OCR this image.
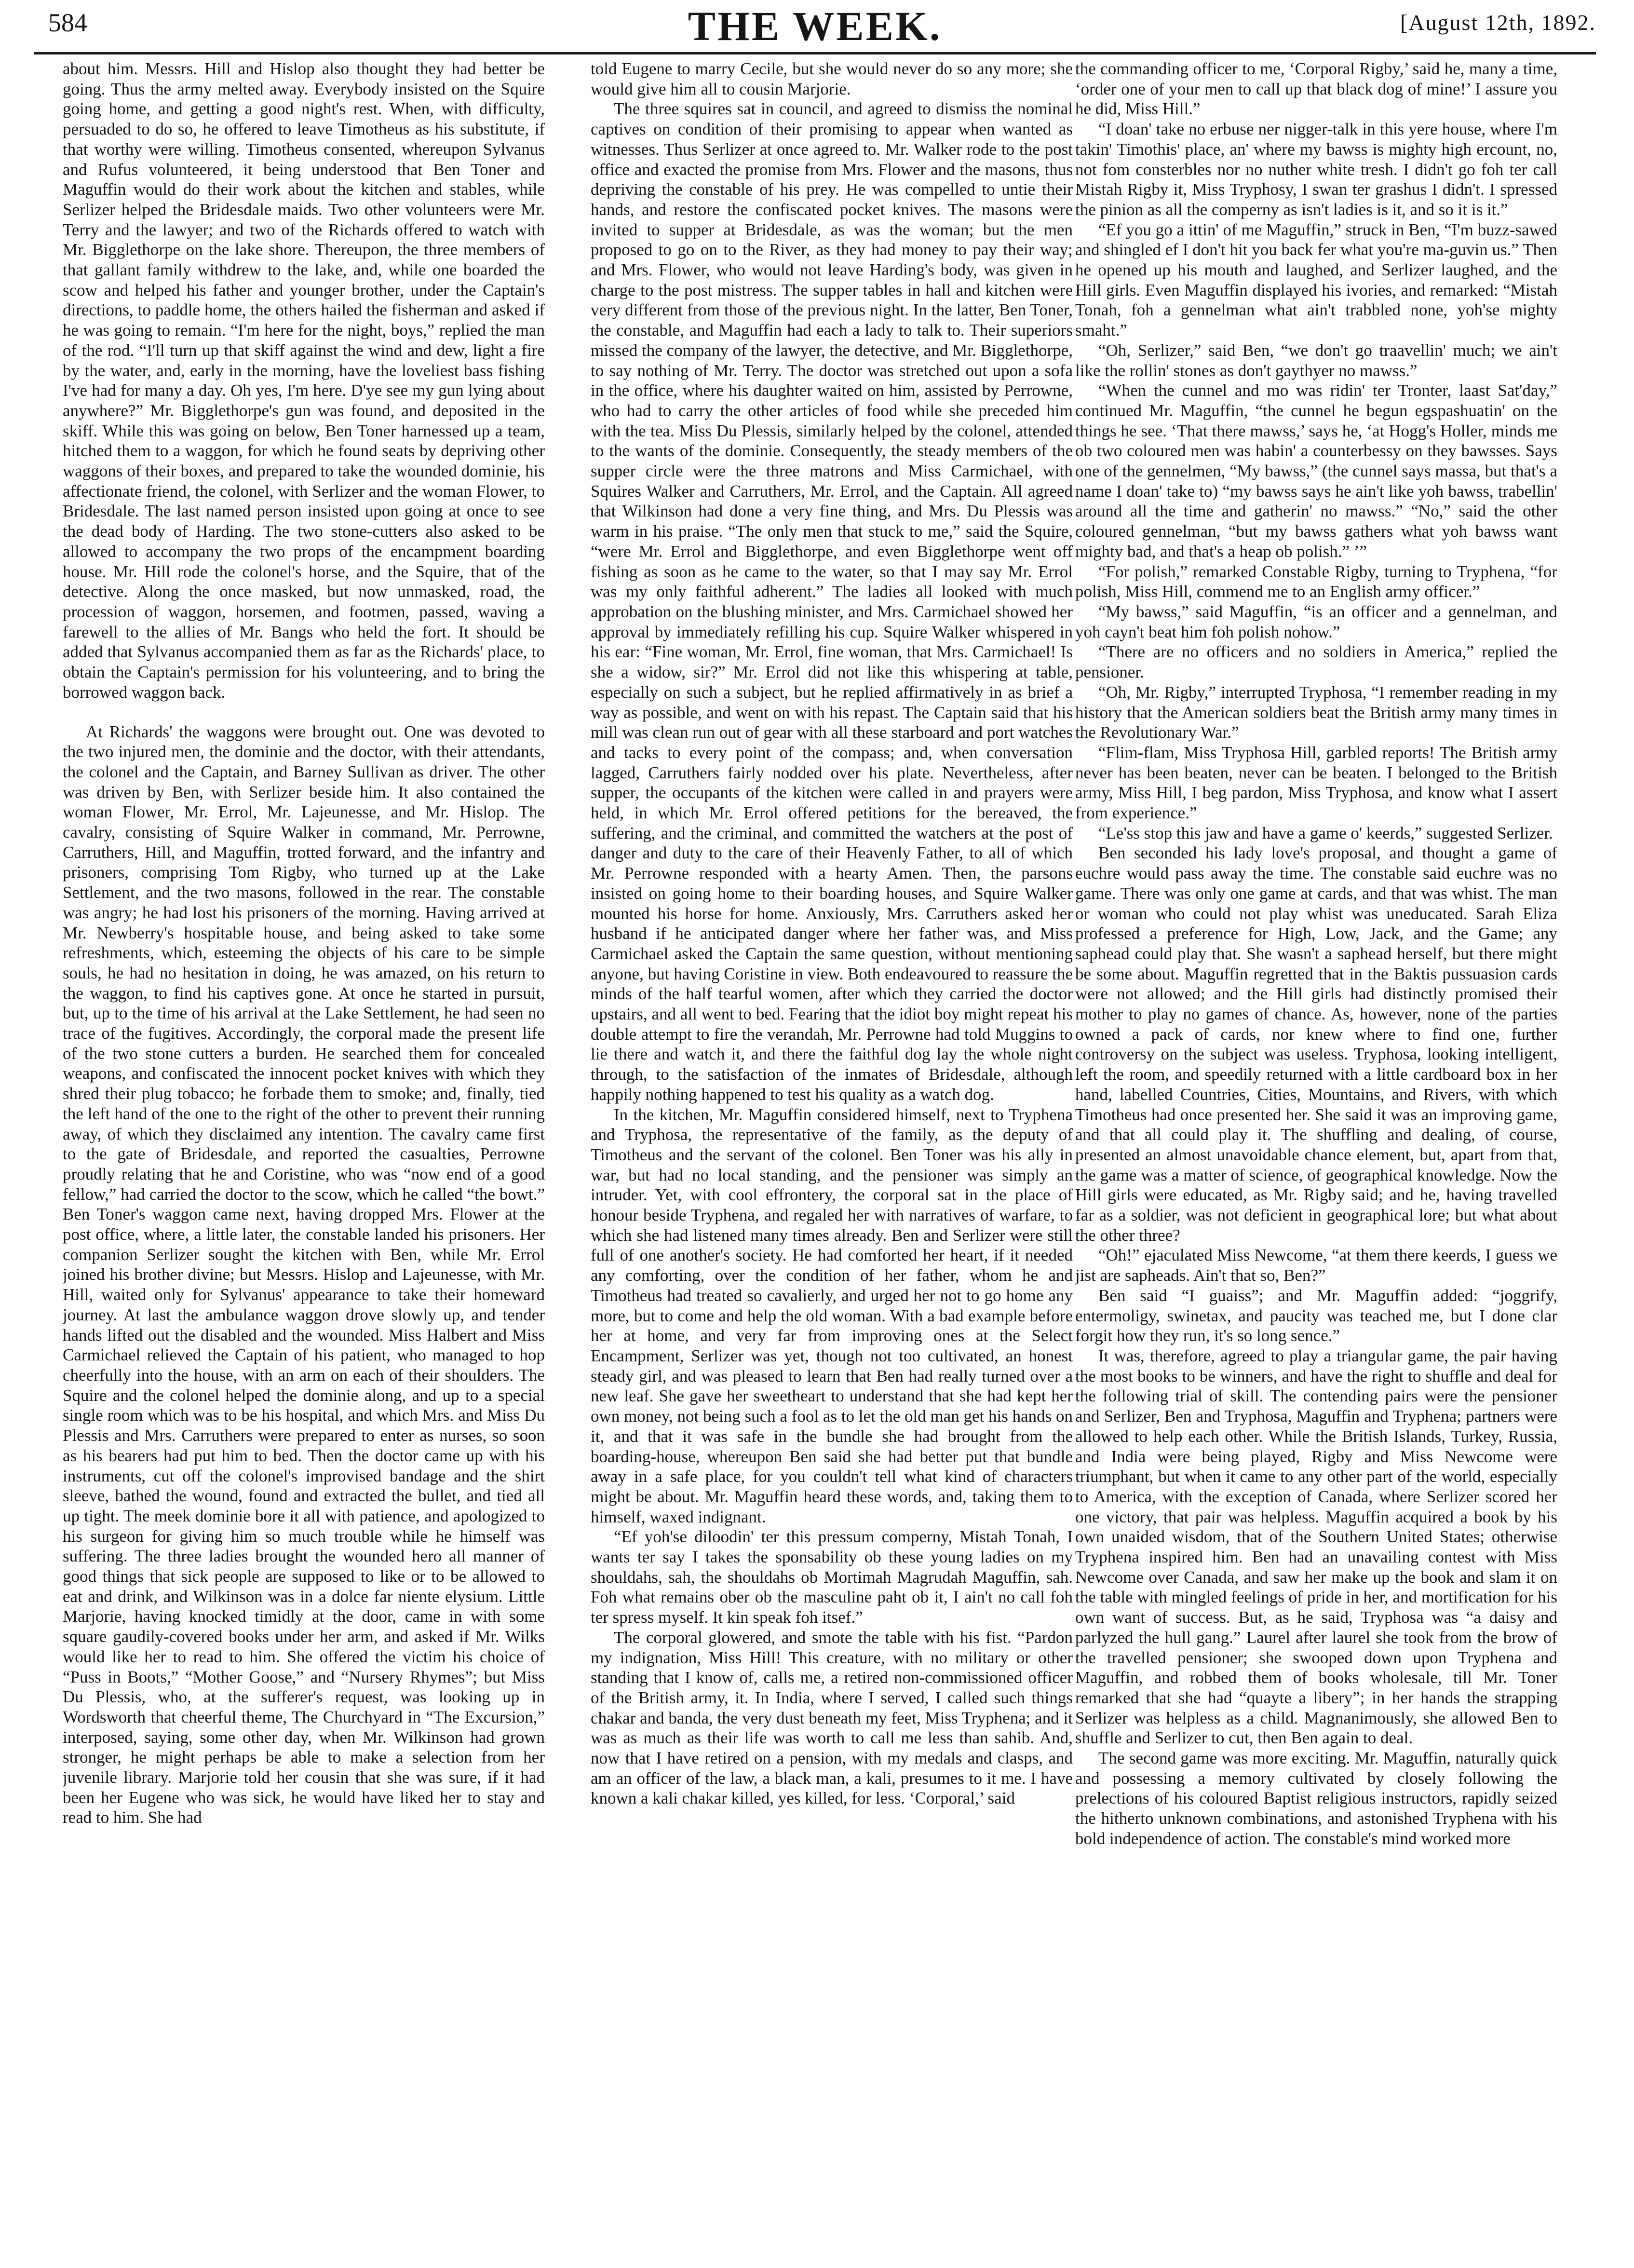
584	THE WEEK.	[August 12th, 1892.

about him. Messrs. Hill and Hislop also thought they had better be going. Thus the army melted away. Everybody insisted on the Squire going home, and getting a good night's rest. When, with difficulty, persuaded to do so, he offered to leave Timotheus as his substitute, if that worthy were willing. Timotheus consented, whereupon Sylvanus and Rufus volunteered, it being understood that Ben Toner and Maguffin would do their work about the kitchen and stables, while Serlizer helped the Bridesdale maids. Two other volunteers were Mr. Terry and the lawyer; and two of the Richards offered to watch with Mr. Bigglethorpe on the lake shore. Thereupon, the three members of that gallant family withdrew to the lake, and, while one boarded the scow and helped his father and younger brother, under the Captain's directions, to paddle home, the others hailed the fisherman and asked if he was going to remain. “I'm here for the night, boys,” replied the man of the rod. “I'll turn up that skiff against the wind and dew, light a fire by the water, and, early in the morning, have the loveliest bass fishing I've had for many a day. Oh yes, I'm here. D'ye see my gun lying about anywhere?” Mr. Bigglethorpe's gun was found, and deposited in the skiff. While this was going on below, Ben Toner harnessed up a team, hitched them to a waggon, for which he found seats by depriving other waggons of their boxes, and prepared to take the wounded dominie, his affectionate friend, the colonel, with Serlizer and the woman Flower, to Bridesdale. The last named person insisted upon going at once to see the dead body of Harding. The two stone-cutters also asked to be allowed to accompany the two props of the encampment boarding house. Mr. Hill rode the colonel's horse, and the Squire, that of the detective. Along the once masked, but now unmasked, road, the procession of waggon, horsemen, and footmen, passed, waving a farewell to the allies of Mr. Bangs who held the fort. It should be added that Sylvanus accompanied them as far as the Richards' place, to obtain the Captain's permission for his volunteering, and to bring the borrowed waggon back.

At Richards' the waggons were brought out. One was devoted to the two injured men, the dominie and the doctor, with their attendants, the colonel and the Captain, and Barney Sullivan as driver. The other was driven by Ben, with Serlizer beside him. It also contained the woman Flower, Mr. Errol, Mr. Lajeunesse, and Mr. Hislop. The cavalry, consisting of Squire Walker in command, Mr. Perrowne, Carruthers, Hill, and Maguffin, trotted forward, and the infantry and prisoners, comprising Tom Rigby, who turned up at the Lake Settlement, and the two masons, followed in the rear. The constable was angry; he had lost his prisoners of the morning. Having arrived at Mr. Newberry's hospitable house, and being asked to take some refreshments, which, esteeming the objects of his care to be simple souls, he had no hesitation in doing, he was amazed, on his return to the waggon, to find his captives gone. At once he started in pursuit, but, up to the time of his arrival at the Lake Settlement, he had seen no trace of the fugitives. Accordingly, the corporal made the present life of the two stone cutters a burden. He searched them for concealed weapons, and confiscated the innocent pocket knives with which they shred their plug tobacco; he forbade them to smoke; and, finally, tied the left hand of the one to the right of the other to prevent their running away, of which they disclaimed any intention. The cavalry came first to the gate of Bridesdale, and reported the casualties, Perrowne proudly relating that he and Coristine, who was “now end of a good fellow,” had carried the doctor to the scow, which he called “the bowt.” Ben Toner's waggon came next, having dropped Mrs. Flower at the post office, where, a little later, the constable landed his prisoners. Her companion Serlizer sought the kitchen with Ben, while Mr. Errol joined his brother divine; but Messrs. Hislop and Lajeunesse, with Mr. Hill, waited only for Sylvanus' appearance to take their homeward journey. At last the ambulance waggon drove slowly up, and tender hands lifted out the disabled and the wounded. Miss Halbert and Miss Carmichael relieved the Captain of his patient, who managed to hop cheerfully into the house, with an arm on each of their shoulders. The Squire and the colonel helped the dominie along, and up to a special single room which was to be his hospital, and which Mrs. and Miss Du Plessis and Mrs. Carruthers were prepared to enter as nurses, so soon as his bearers had put him to bed. Then the doctor came up with his instruments, cut off the colonel's improvised bandage and the shirt sleeve, bathed the wound, found and extracted the bullet, and tied all up tight. The meek dominie bore it all with patience, and apologized to his surgeon for giving him so much trouble while he himself was suffering. The three ladies brought the wounded hero all manner of good things that sick people are supposed to like or to be allowed to eat and drink, and Wilkinson was in a dolce far niente elysium. Little Marjorie, having knocked timidly at the door, came in with some square gaudily-covered books under her arm, and asked if Mr. Wilks would like her to read to him. She offered the victim his choice of “Puss in Boots,” “Mother Goose,” and “Nursery Rhymes”; but Miss Du Plessis, who, at the sufferer's request, was looking up in Wordsworth that cheerful theme, The Churchyard in “The Excursion,” interposed, saying, some other day, when Mr. Wilkinson had grown stronger, he might perhaps be able to make a selection from her juvenile library. Marjorie told her cousin that she was sure, if it had been her Eugene who was sick, he would have liked her to stay and read to him. She had

told Eugene to marry Cecile, but she would never do so any more; she would give him all to cousin Marjorie.

The three squires sat in council, and agreed to dismiss the nominal captives on condition of their promising to appear when wanted as witnesses. Thus Serlizer at once agreed to. Mr. Walker rode to the post office and exacted the promise from Mrs. Flower and the masons, thus depriving the constable of his prey. He was compelled to untie their hands, and restore the confiscated pocket knives. The masons were invited to supper at Bridesdale, as was the woman; but the men proposed to go on to the River, as they had money to pay their way; and Mrs. Flower, who would not leave Harding's body, was given in charge to the post mistress. The supper tables in hall and kitchen were very different from those of the previous night. In the latter, Ben Toner, the constable, and Maguffin had each a lady to talk to. Their superiors missed the company of the lawyer, the detective, and Mr. Bigglethorpe, to say nothing of Mr. Terry. The doctor was stretched out upon a sofa in the office, where his daughter waited on him, assisted by Perrowne, who had to carry the other articles of food while she preceded him with the tea. Miss Du Plessis, similarly helped by the colonel, attended to the wants of the dominie. Consequently, the steady members of the supper circle were the three matrons and Miss Carmichael, with Squires Walker and Carruthers, Mr. Errol, and the Captain. All agreed that Wilkinson had done a very fine thing, and Mrs. Du Plessis was warm in his praise. “The only men that stuck to me,” said the Squire, “were Mr. Errol and Bigglethorpe, and even Bigglethorpe went off fishing as soon as he came to the water, so that I may say Mr. Errol was my only faithful adherent.” The ladies all looked with much approbation on the blushing minister, and Mrs. Carmichael showed her approval by immediately refilling his cup. Squire Walker whispered in his ear: “Fine woman, Mr. Errol, fine woman, that Mrs. Carmichael! Is she a widow, sir?” Mr. Errol did not like this whispering at table, especially on such a subject, but he replied affirmatively in as brief a way as possible, and went on with his repast. The Captain said that his mill was clean run out of gear with all these starboard and port watches and tacks to every point of the compass; and, when conversation lagged, Carruthers fairly nodded over his plate. Nevertheless, after supper, the occupants of the kitchen were called in and prayers were held, in which Mr. Errol offered petitions for the bereaved, the suffering, and the criminal, and committed the watchers at the post of danger and duty to the care of their Heavenly Father, to all of which Mr. Perrowne responded with a hearty Amen. Then, the parsons insisted on going home to their boarding houses, and Squire Walker mounted his horse for home. Anxiously, Mrs. Carruthers asked her husband if he anticipated danger where her father was, and Miss Carmichael asked the Captain the same question, without mentioning anyone, but having Coristine in view. Both endeavoured to reassure the minds of the half tearful women, after which they carried the doctor upstairs, and all went to bed. Fearing that the idiot boy might repeat his double attempt to fire the verandah, Mr. Perrowne had told Muggins to lie there and watch it, and there the faithful dog lay the whole night through, to the satisfaction of the inmates of Bridesdale, although happily nothing happened to test his quality as a watch dog.

In the kitchen, Mr. Maguffin considered himself, next to Tryphena and Tryphosa, the representative of the family, as the deputy of Timotheus and the servant of the colonel. Ben Toner was his ally in war, but had no local standing, and the pensioner was simply an intruder. Yet, with cool effrontery, the corporal sat in the place of honour beside Tryphena, and regaled her with narratives of warfare, to which she had listened many times already. Ben and Serlizer were still full of one another's society. He had comforted her heart, if it needed any comforting, over the condition of her father, whom he and Timotheus had treated so cavalierly, and urged her not to go home any more, but to come and help the old woman. With a bad example before her at home, and very far from improving ones at the Select Encampment, Serlizer was yet, though not too cultivated, an honest steady girl, and was pleased to learn that Ben had really turned over a new leaf. She gave her sweetheart to understand that she had kept her own money, not being such a fool as to let the old man get his hands on it, and that it was safe in the bundle she had brought from the boarding-house, whereupon Ben said she had better put that bundle away in a safe place, for you couldn't tell what kind of characters might be about. Mr. Maguffin heard these words, and, taking them to himself, waxed indignant.

“Ef yoh'se diloodin' ter this pressum comperny, Mistah Tonah, I wants ter say I takes the sponsability ob these young ladies on my shouldahs, sah, the shouldahs ob Mortimah Magrudah Maguffin, sah. Foh what remains ober ob the masculine paht ob it, I ain't no call foh ter spress myself. It kin speak foh itsef.”

The corporal glowered, and smote the table with his fist. “Pardon my indignation, Miss Hill! This creature, with no military or other standing that I know of, calls me, a retired non-commissioned officer of the British army, it. In India, where I served, I called such things chakar and banda, the very dust beneath my feet, Miss Tryphena; and it was as much as their life was worth to call me less than sahib. And, now that I have retired on a pension, with my medals and clasps, and am an officer of the law, a black man, a kali, presumes to it me. I have known a kali chakar killed, yes killed, for less. ‘Corporal,’ said

the commanding officer to me, ‘Corporal Rigby,’ said he, many a time, ‘order one of your men to call up that black dog of mine!’ I assure you he did, Miss Hill.”

“I doan' take no erbuse ner nigger-talk in this yere house, where I'm takin' Timothis' place, an' where my bawss is mighty high ercount, no, not fom consterbles nor no nuther white tresh. I didn't go foh ter call Mistah Rigby it, Miss Tryphosy, I swan ter grashus I didn't. I spressed the pinion as all the comperny as isn't ladies is it, and so it is it.”

“Ef you go a ittin' of me Maguffin,” struck in Ben, “I'm buzz-sawed and shingled ef I don't hit you back fer what you're ma-guvin us.” Then he opened up his mouth and laughed, and Serlizer laughed, and the Hill girls. Even Maguffin displayed his ivories, and remarked: “Mistah Tonah, foh a gennelman what ain't trabbled none, yoh'se mighty smaht.”

“Oh, Serlizer,” said Ben, “we don't go traavellin' much; we ain't like the rollin' stones as don't gaythyer no mawss.”

“When the cunnel and mo was ridin' ter Tronter, laast Sat'day,” continued Mr. Maguffin, “the cunnel he begun egspashuatin' on the things he see. ‘That there mawss,’ says he, ‘at Hogg's Holler, minds me ob two coloured men was habin' a counterbessy on they bawsses. Says one of the gennelmen, “My bawss,” (the cunnel says massa, but that's a name I doan' take to) “my bawss says he ain't like yoh bawss, trabellin' around all the time and gatherin' no mawss.” “No,” said the other coloured gennelman, “but my bawss gathers what yoh bawss want mighty bad, and that's a heap ob polish.” ’”

“For polish,” remarked Constable Rigby, turning to Tryphena, “for polish, Miss Hill, commend me to an English army officer.”

“My bawss,” said Maguffin, “is an officer and a gennelman, and yoh cayn't beat him foh polish nohow.”

“There are no officers and no soldiers in America,” replied the pensioner.

“Oh, Mr. Rigby,” interrupted Tryphosa, “I remember reading in my history that the American soldiers beat the British army many times in the Revolutionary War.”

“Flim-flam, Miss Tryphosa Hill, garbled reports! The British army never has been beaten, never can be beaten. I belonged to the British army, Miss Hill, I beg pardon, Miss Tryphosa, and know what I assert from experience.”

“Le'ss stop this jaw and have a game o' keerds,” suggested Serlizer.

Ben seconded his lady love's proposal, and thought a game of euchre would pass away the time. The constable said euchre was no game. There was only one game at cards, and that was whist. The man or woman who could not play whist was uneducated. Sarah Eliza professed a preference for High, Low, Jack, and the Game; any saphead could play that. She wasn't a saphead herself, but there might be some about. Maguffin regretted that in the Baktis pussuasion cards were not allowed; and the Hill girls had distinctly promised their mother to play no games of chance. As, however, none of the parties owned a pack of cards, nor knew where to find one, further controversy on the subject was useless. Tryphosa, looking intelligent, left the room, and speedily returned with a little cardboard box in her hand, labelled Countries, Cities, Mountains, and Rivers, with which Timotheus had once presented her. She said it was an improving game, and that all could play it. The shuffling and dealing, of course, presented an almost unavoidable chance element, but, apart from that, the game was a matter of science, of geographical knowledge. Now the Hill girls were educated, as Mr. Rigby said; and he, having travelled far as a soldier, was not deficient in geographical lore; but what about the other three?

“Oh!” ejaculated Miss Newcome, “at them there keerds, I guess we jist are sapheads. Ain't that so, Ben?”

Ben said “I guaiss”; and Mr. Maguffin added: “joggrify, entermoligy, swinetax, and paucity was teached me, but I done clar forgit how they run, it's so long sence.”

It was, therefore, agreed to play a triangular game, the pair having the most books to be winners, and have the right to shuffle and deal for the following trial of skill. The contending pairs were the pensioner and Serlizer, Ben and Tryphosa, Maguffin and Tryphena; partners were allowed to help each other. While the British Islands, Turkey, Russia, and India were being played, Rigby and Miss Newcome were triumphant, but when it came to any other part of the world, especially to America, with the exception of Canada, where Serlizer scored her one victory, that pair was helpless. Maguffin acquired a book by his own unaided wisdom, that of the Southern United States; otherwise Tryphena inspired him. Ben had an unavailing contest with Miss Newcome over Canada, and saw her make up the book and slam it on the table with mingled feelings of pride in her, and mortification for his own want of success. But, as he said, Tryphosa was “a daisy and parlyzed the hull gang.” Laurel after laurel she took from the brow of the travelled pensioner; she swooped down upon Tryphena and Maguffin, and robbed them of books wholesale, till Mr. Toner remarked that she had “quayte a libery”; in her hands the strapping Serlizer was helpless as a child. Magnanimously, she allowed Ben to shuffle and Serlizer to cut, then Ben again to deal.

The second game was more exciting. Mr. Maguffin, naturally quick and possessing a memory cultivated by closely following the prelections of his coloured Baptist religious instructors, rapidly seized the hitherto unknown combinations, and astonished Tryphena with his bold independence of action. The constable's mind worked more
